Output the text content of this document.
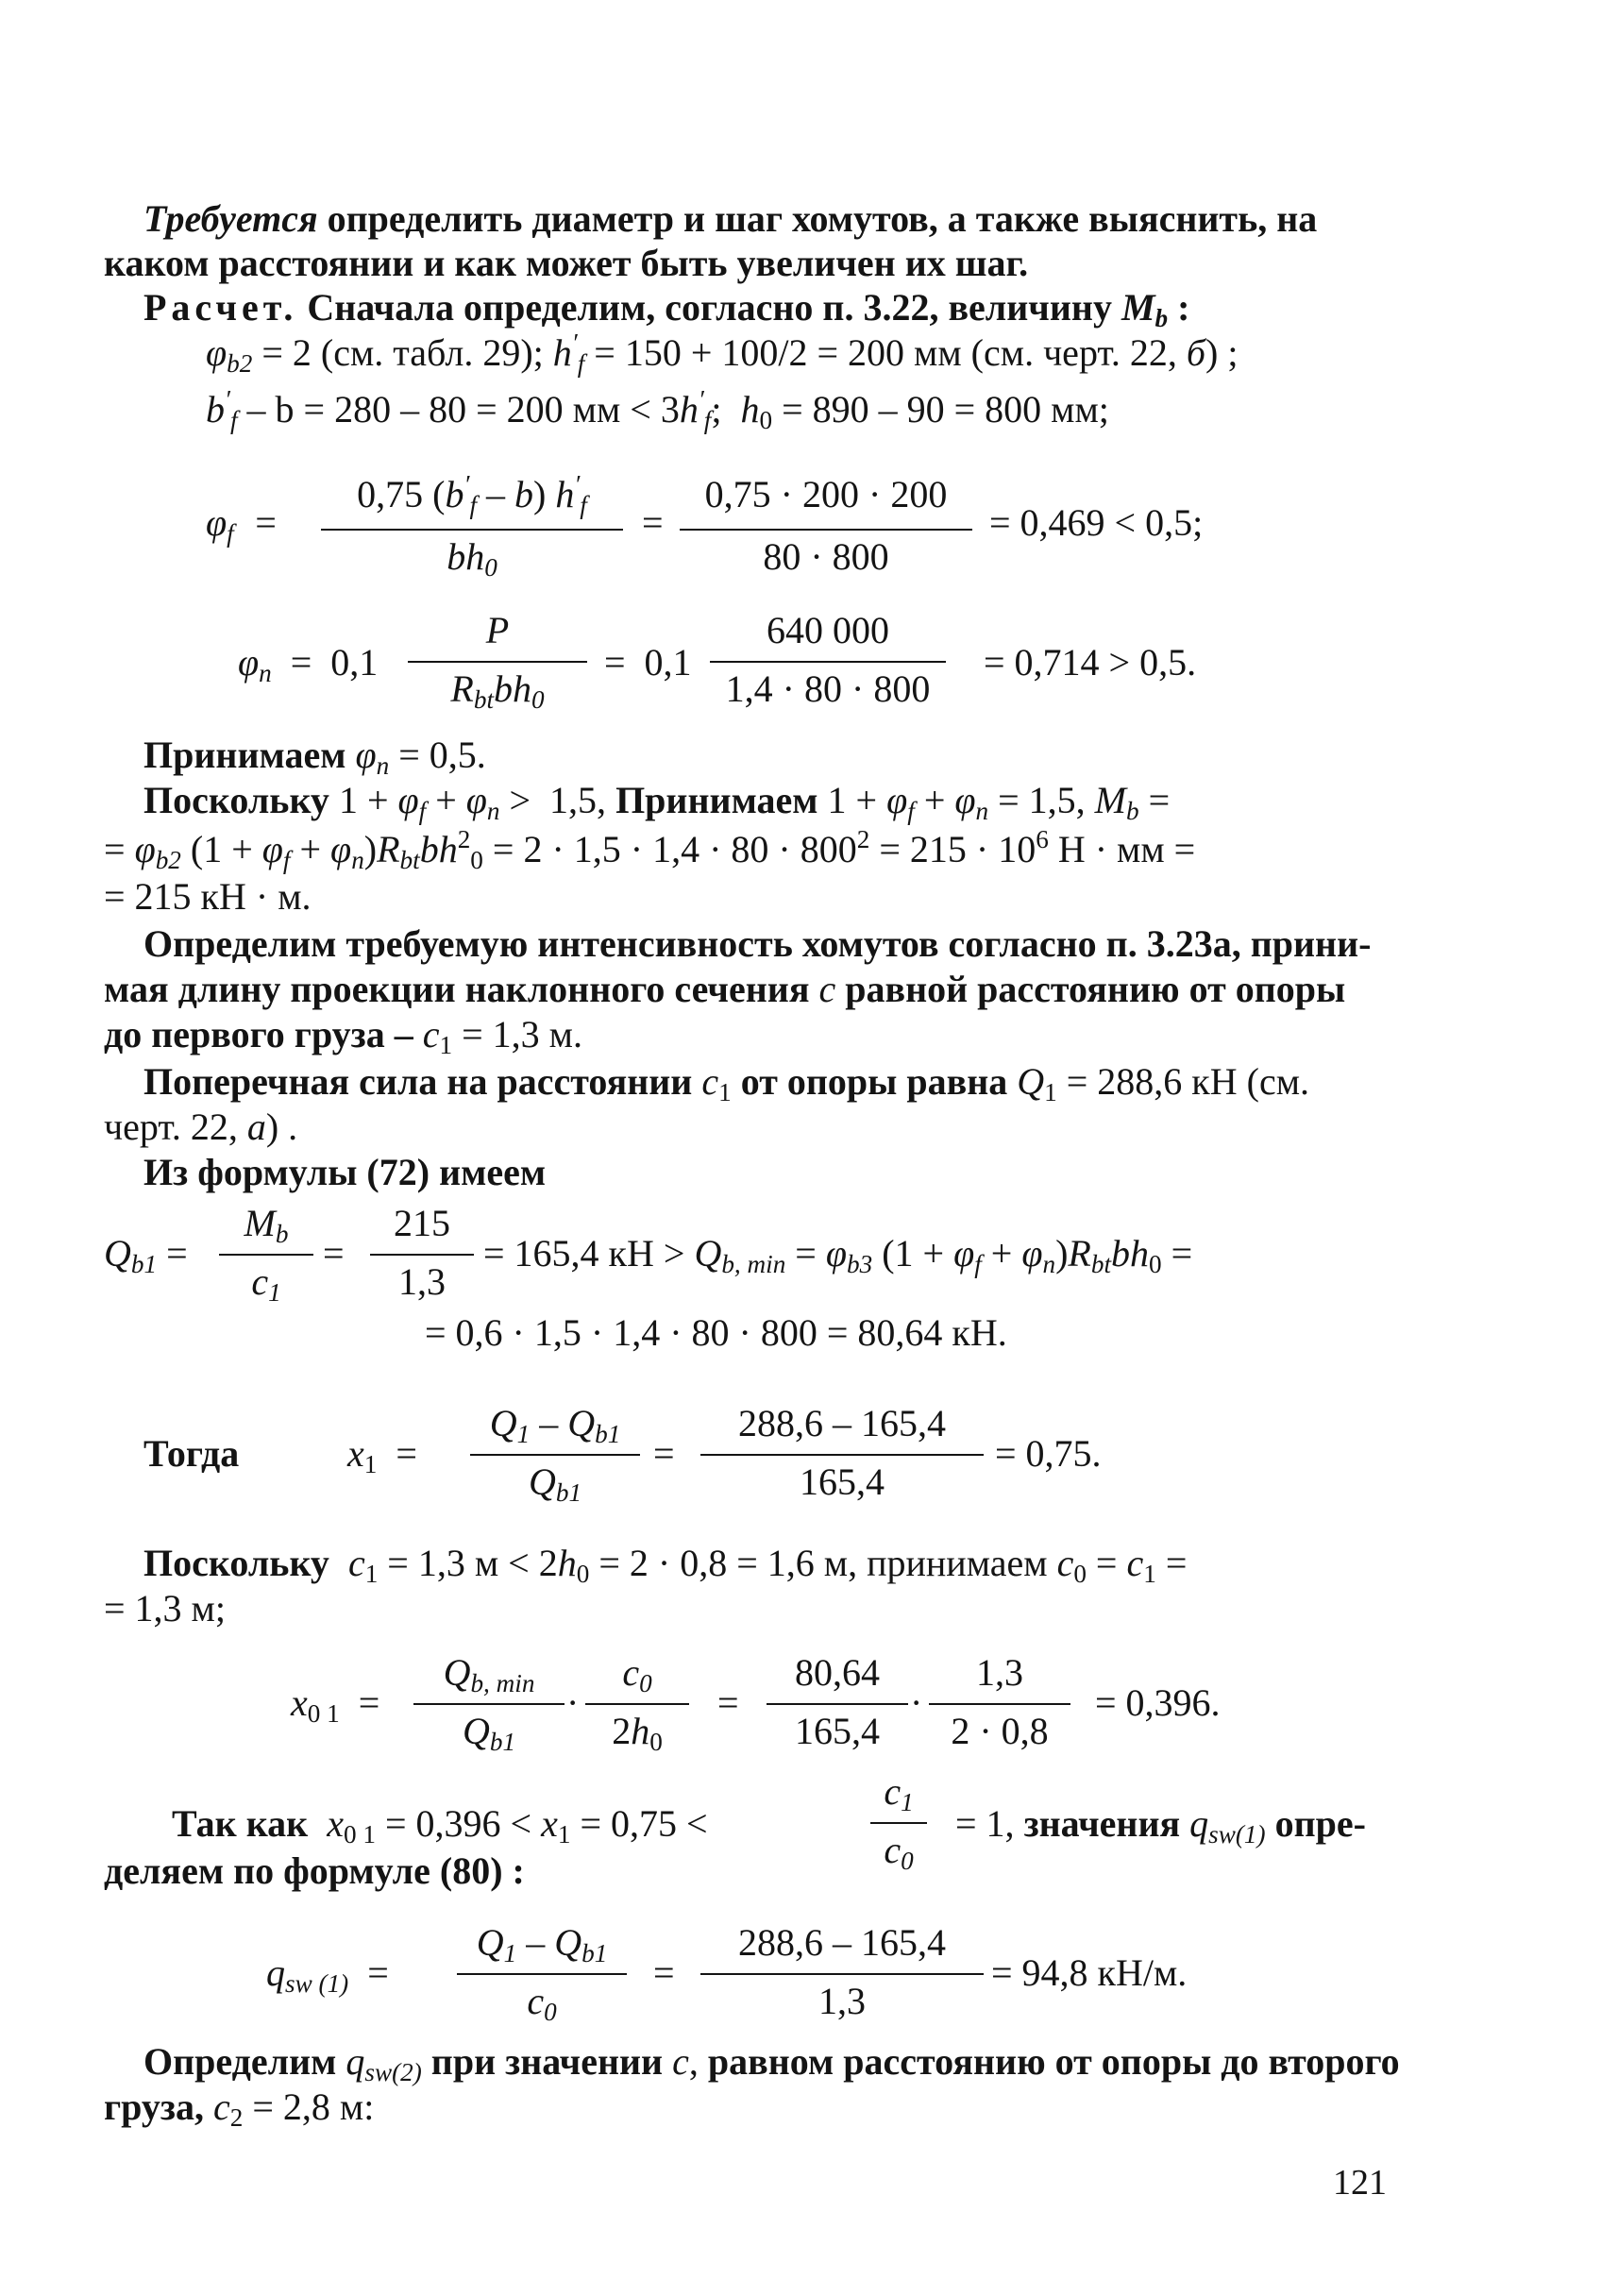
Требуется определить диаметр и шаг хомутов, а также выяснить, на
каком расстоянии и как может быть увеличен их шаг.
Расчет. Сначала определим, согласно п. 3.22, величину $M_b$ :
$\varphi_{b2} = 2$ (см. табл. 29); $h'_f = 150 + 100/2 = 200$ мм (см. черт. 22, б) ;
$b'_f - b = 280 - 80 = 200$ мм < $3h'_f$;  $h_0 = 890 - 90 = 800$ мм;
$\varphi_f$  =
0,75 $(b'_f - b)$ $h'_f$
$bh_0$
=
0,75 · 200 · 200
80 · 800
= 0,469 < 0,5;
$\varphi_n = 0,1$
P
$R_{bt}bh_0$
=  0,1
640 000
1,4 · 80 · 800
= 0,714 > 0,5.
Принимаем $\varphi_n = 0,5$.
Поскольку $1 + \varphi_f + \varphi_n > 1,5$, Принимаем $1 + \varphi_f + \varphi_n = 1,5$, $M_b$ =
= $\varphi_{b2}$ $(1 + \varphi_f + \varphi_n)R_{bt}bh^2_0 = 2 \cdot 1,5 \cdot 1,4 \cdot 80 \cdot 800^2 = 215 \cdot 10^6$ Н · мм =
= 215 кН · м.
Определим требуемую интенсивность хомутов согласно п. 3.23а, прини-
мая длину проекции наклонного сечения c равной расстоянию от опоры
до первого груза – $c_1 = 1,3$ м.
Поперечная сила на расстоянии $c_1$ от опоры равна $Q_1 = 288,6$ кН (см.
черт. 22, а) .
Из формулы (72) имеем
$Q_{b1}$ =
$M_b$
$c_1$
=
215
1,3
= 165,4 кН > $Q_{b, min} = \varphi_{b3}$ $(1 + \varphi_f + \varphi_n)R_{bt}bh_0$ =
= 0,6 · 1,5 · 1,4 · 80 · 800 = 80,64 кН.
Тогда	$x_1$  =
$Q_1 - Q_{b1}$
$Q_{b1}$
=
288,6 – 165,4
165,4
= 0,75.
Поскольку $c_1 = 1,3$ $м < 2h_0 = 2 \cdot 0,8 = 1,6$ м, принимаем $c_0 = c_1$ =
= 1,3 м;
$x_{0 1}$  =
$Q_{b, min}$
$Q_{b1}$
·
$c_0$
$2h_0$
=
80,64
165,4
·
1,3
2 · 0,8
= 0,396.
Так как $x_{0 1} = 0,396 < x_1 = 0,75$ <
$c_1$
$c_0$
= 1, значения $q_{sw(1)}$ опре-
деляем по формуле (80) :
$q_{sw (1)}$  =
$Q_1 - Q_{b1}$
$c_0$
=
288,6 – 165,4
1,3
= 94,8 кН/м.
Определим $q_{sw(2)}$ при значении c, равном расстоянию от опоры до второго
груза, $c_2 = 2,8$ м:
121
